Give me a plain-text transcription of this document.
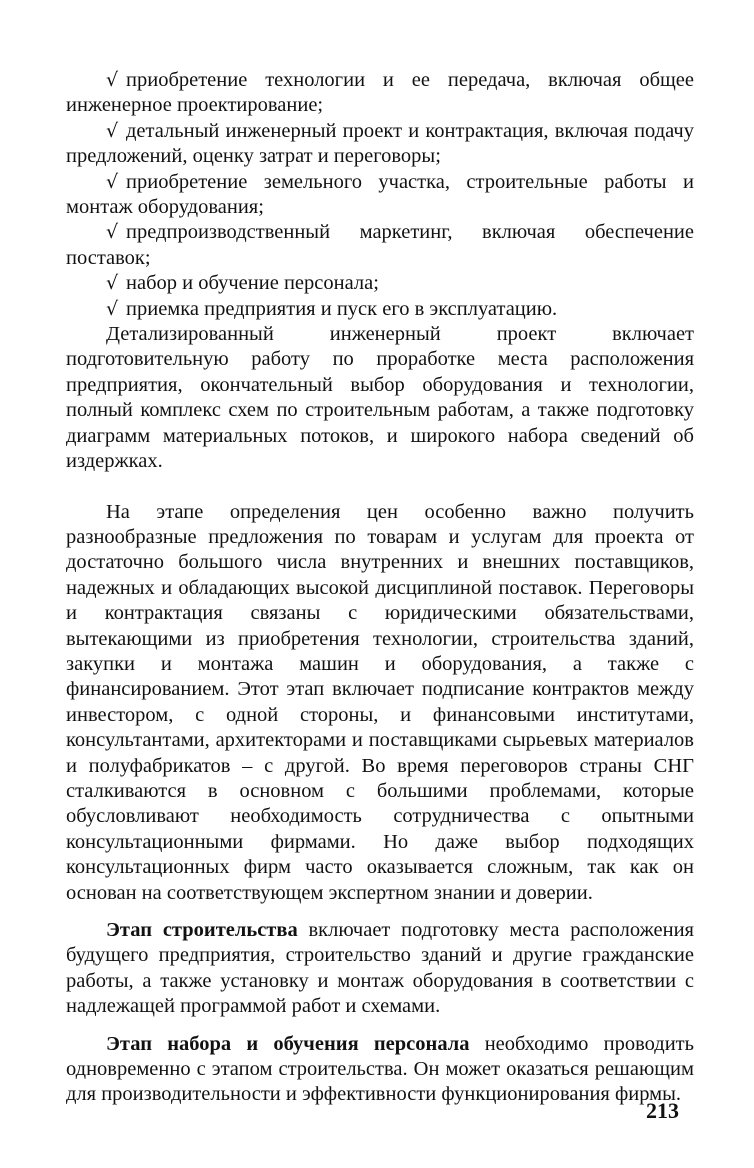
√ приобретение технологии и ее передача, включая общее инженерное проектирование;

√ детальный инженерный проект и контрактация, включая подачу предложений, оценку затрат и переговоры;

√ приобретение земельного участка, строительные работы и монтаж оборудования;

√ предпроизводственный маркетинг, включая обеспечение поставок;

√ набор и обучение персонала;

√ приемка предприятия и пуск его в эксплуатацию.

Детализированный инженерный проект включает подготовительную работу по проработке места расположения предприятия, окончательный выбор оборудования и технологии, полный комплекс схем по строительным работам, а также подготовку диаграмм материальных потоков, и широкого набора сведений об издержках.

На этапе определения цен особенно важно получить разнообразные предложения по товарам и услугам для проекта от достаточно большого числа внутренних и внешних поставщиков, надежных и обладающих высокой дисциплиной поставок. Переговоры и контрактация связаны с юридическими обязательствами, вытекающими из приобретения технологии, строительства зданий, закупки и монтажа машин и оборудования, а также с финансированием. Этот этап включает подписание контрактов между инвестором, с одной стороны, и финансовыми институтами, консультантами, архитекторами и поставщиками сырьевых материалов и полуфабрикатов – с другой. Во время переговоров страны СНГ сталкиваются в основном с большими проблемами, которые обусловливают необходимость сотрудничества с опытными консультационными фирмами. Но даже выбор подходящих консультационных фирм часто оказывается сложным, так как он основан на соответствующем экспертном знании и доверии.

Этап строительства включает подготовку места расположения будущего предприятия, строительство зданий и другие гражданские работы, а также установку и монтаж оборудования в соответствии с надлежащей программой работ и схемами.

Этап набора и обучения персонала необходимо проводить одновременно с этапом строительства. Он может оказаться решающим для производительности и эффективности функционирования фирмы.

213
